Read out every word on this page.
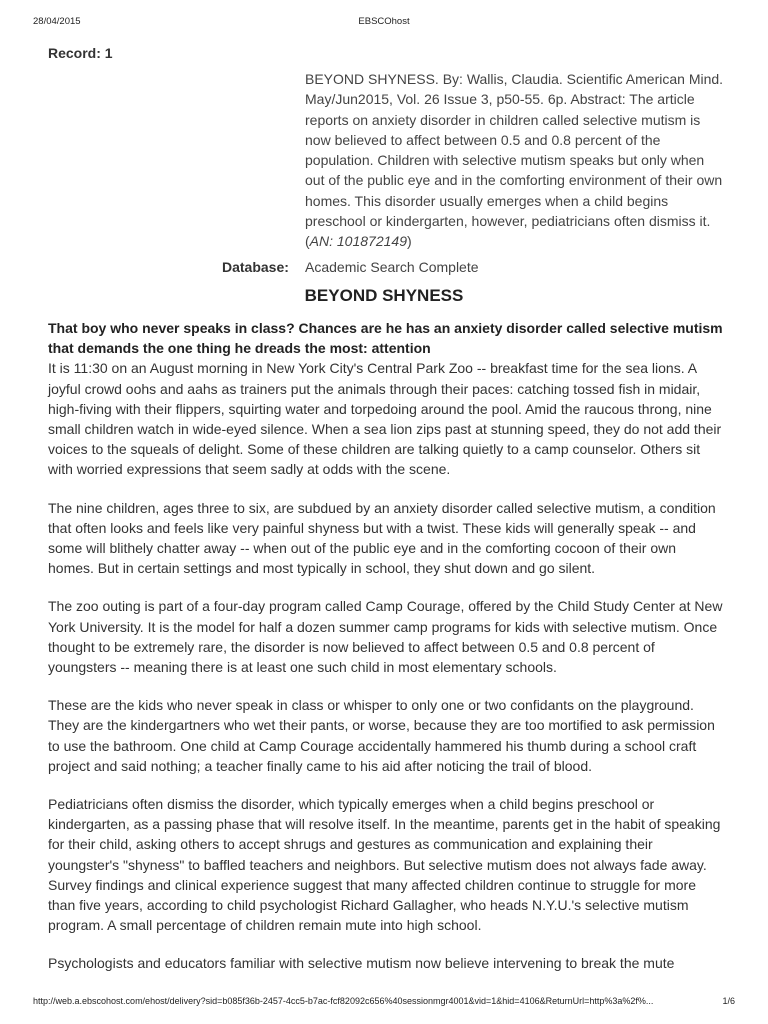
28/04/2015	EBSCOhost
Record: 1
BEYOND SHYNESS. By: Wallis, Claudia. Scientific American Mind. May/Jun2015, Vol. 26 Issue 3, p50-55. 6p. Abstract: The article reports on anxiety disorder in children called selective mutism is now believed to affect between 0.5 and 0.8 percent of the population. Children with selective mutism speaks but only when out of the public eye and in the comforting environment of their own homes. This disorder usually emerges when a child begins preschool or kindergarten, however, pediatricians often dismiss it. (AN: 101872149)
Database: Academic Search Complete
BEYOND SHYNESS

That boy who never speaks in class? Chances are he has an anxiety disorder called selective mutism that demands the one thing he dreads the most: attention

It is 11:30 on an August morning in New York City's Central Park Zoo -- breakfast time for the sea lions. A joyful crowd oohs and aahs as trainers put the animals through their paces: catching tossed fish in midair, high-fiving with their flippers, squirting water and torpedoing around the pool. Amid the raucous throng, nine small children watch in wide-eyed silence. When a sea lion zips past at stunning speed, they do not add their voices to the squeals of delight. Some of these children are talking quietly to a camp counselor. Others sit with worried expressions that seem sadly at odds with the scene.

The nine children, ages three to six, are subdued by an anxiety disorder called selective mutism, a condition that often looks and feels like very painful shyness but with a twist. These kids will generally speak -- and some will blithely chatter away -- when out of the public eye and in the comforting cocoon of their own homes. But in certain settings and most typically in school, they shut down and go silent.

The zoo outing is part of a four-day program called Camp Courage, offered by the Child Study Center at New York University. It is the model for half a dozen summer camp programs for kids with selective mutism. Once thought to be extremely rare, the disorder is now believed to affect between 0.5 and 0.8 percent of youngsters -- meaning there is at least one such child in most elementary schools.

These are the kids who never speak in class or whisper to only one or two confidants on the playground. They are the kindergartners who wet their pants, or worse, because they are too mortified to ask permission to use the bathroom. One child at Camp Courage accidentally hammered his thumb during a school craft project and said nothing; a teacher finally came to his aid after noticing the trail of blood.

Pediatricians often dismiss the disorder, which typically emerges when a child begins preschool or kindergarten, as a passing phase that will resolve itself. In the meantime, parents get in the habit of speaking for their child, asking others to accept shrugs and gestures as communication and explaining their youngster's "shyness" to baffled teachers and neighbors. But selective mutism does not always fade away. Survey findings and clinical experience suggest that many affected children continue to struggle for more than five years, according to child psychologist Richard Gallagher, who heads N.Y.U.'s selective mutism program. A small percentage of children remain mute into high school.

Psychologists and educators familiar with selective mutism now believe intervening to break the mute

http://web.a.ebscohost.com/ehost/delivery?sid=b085f36b-2457-4cc5-b7ac-fcf82092c656%40sessionmgr4001&vid=1&hid=4106&ReturnUrl=http%3a%2f%...	1/6
